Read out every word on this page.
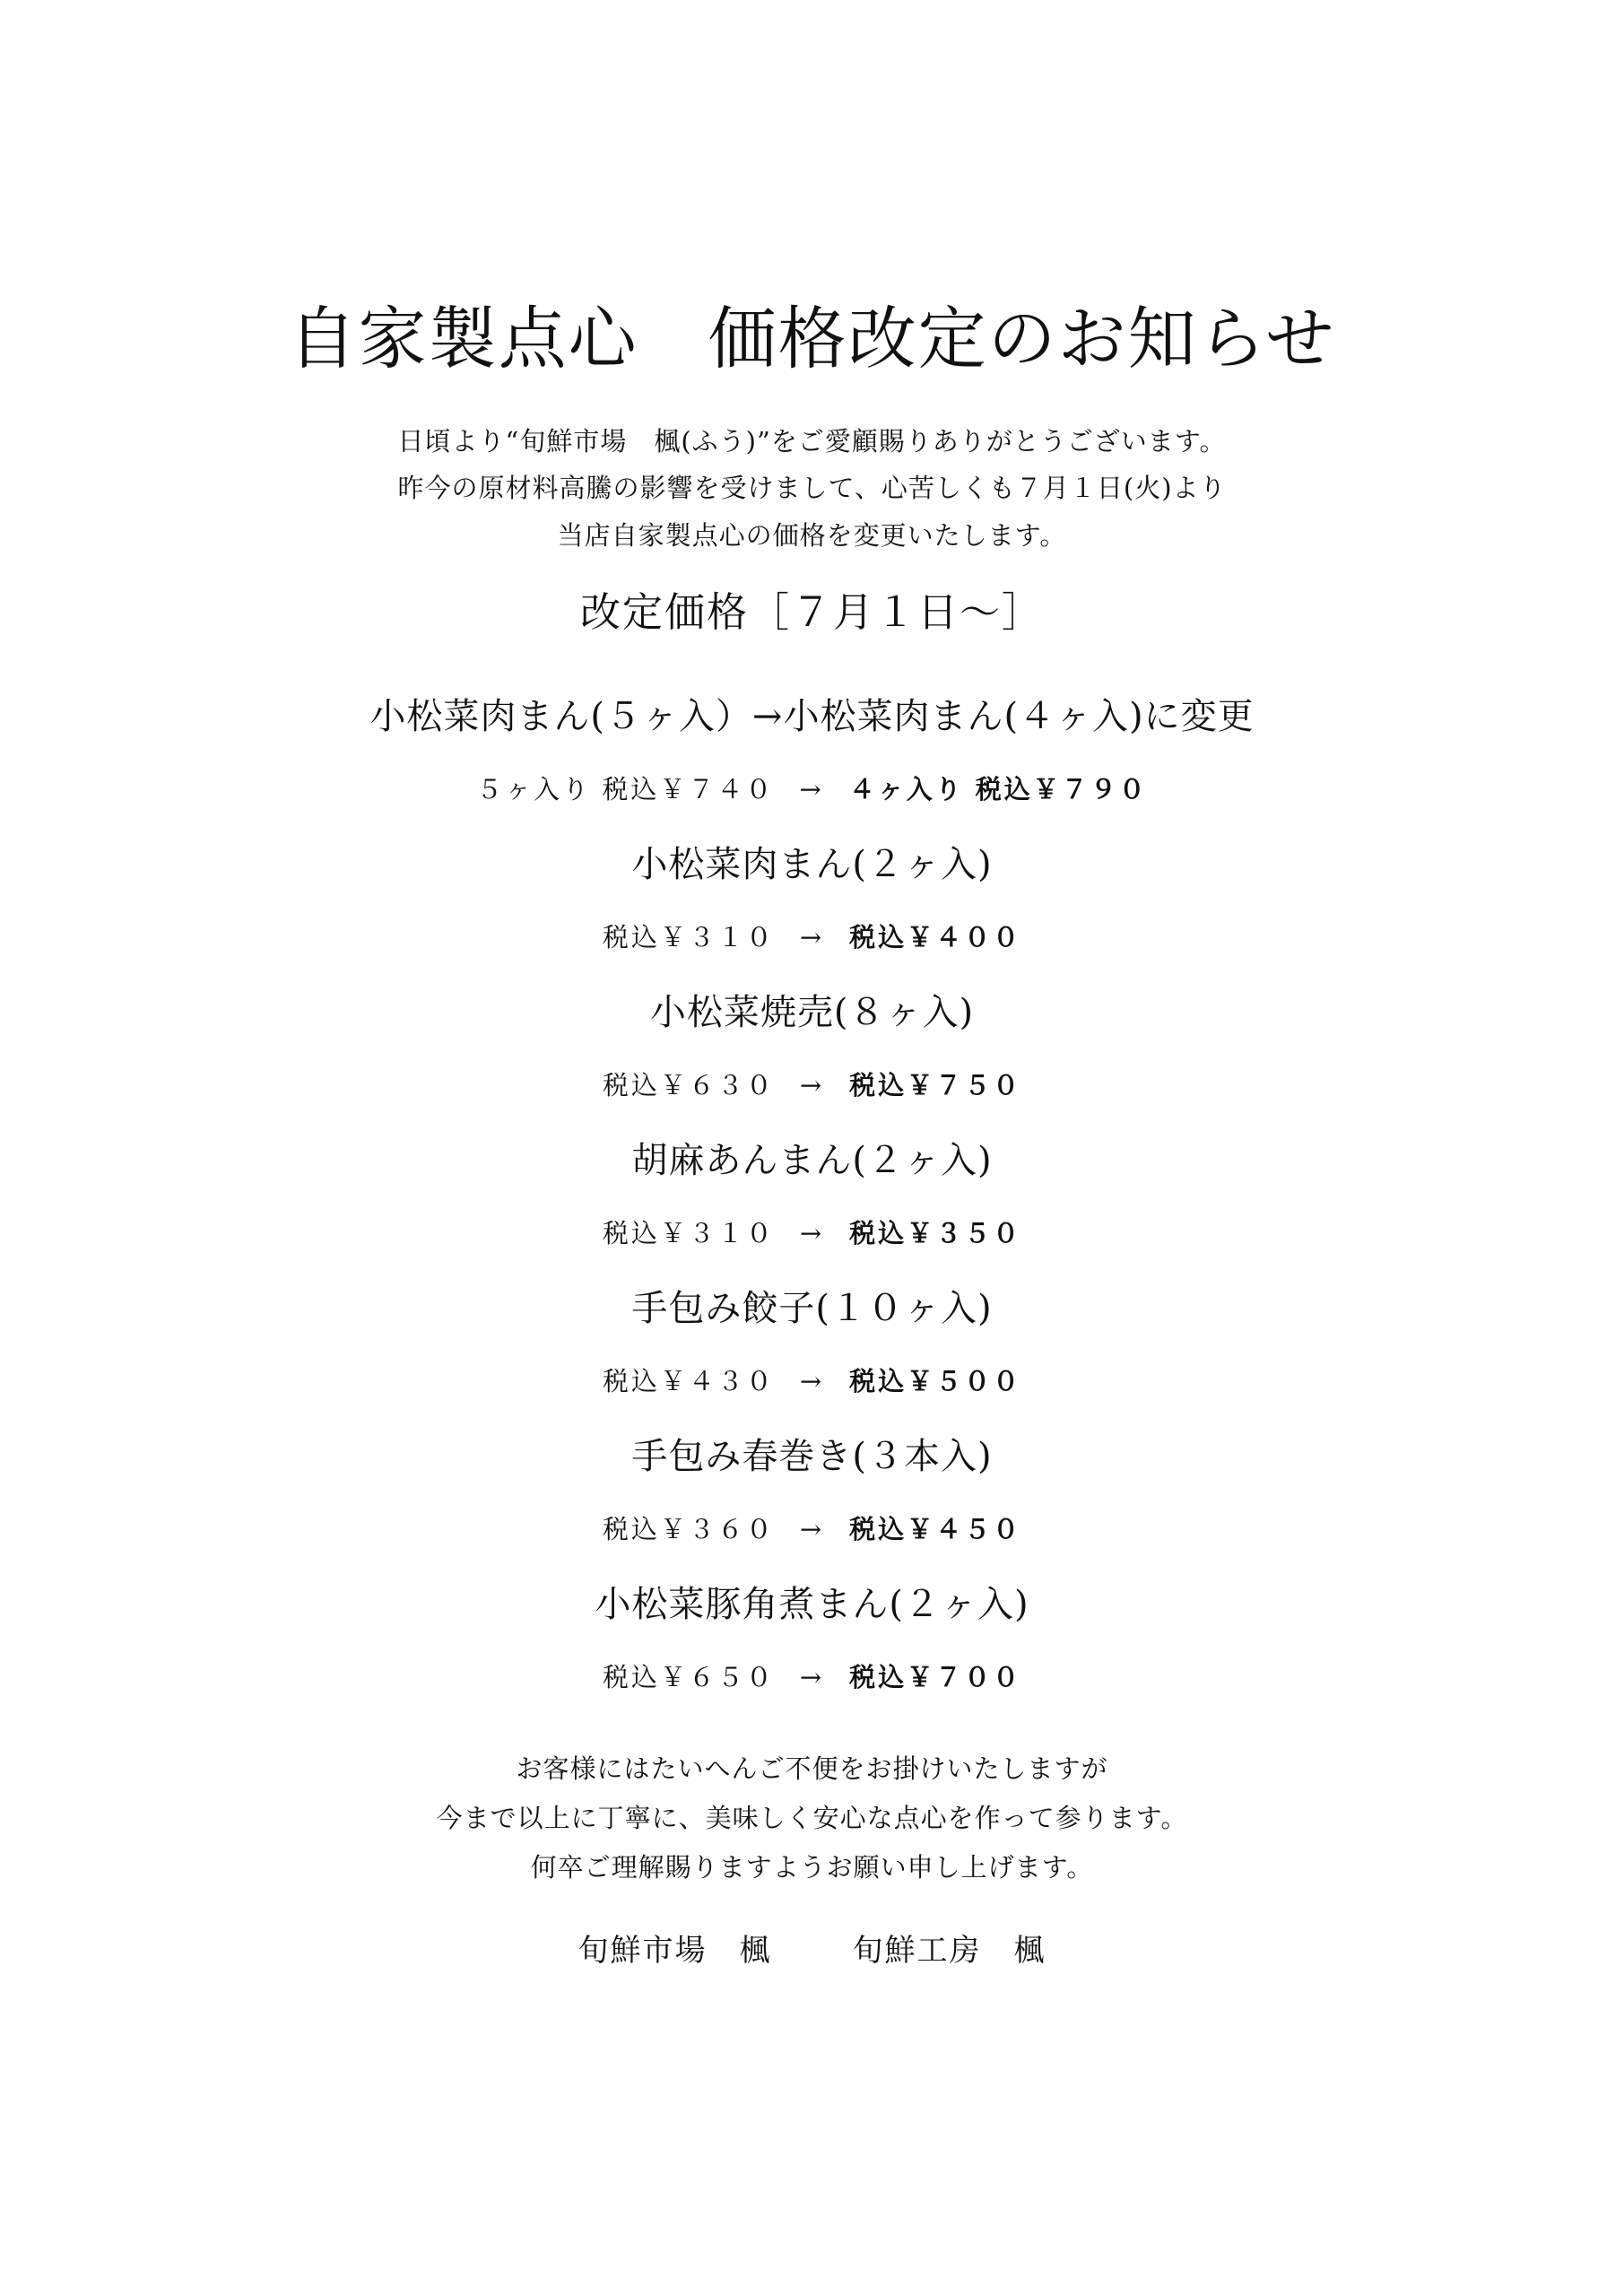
自家製点心　価格改定のお知らせ
日頃より“旬鮮市場　楓(ふう)”をご愛顧賜りありがとうございます。
昨今の原材料高騰の影響を受けまして、心苦しくも７月１日(火)より
当店自家製点心の価格を変更いたします。
改定価格［７月１日～］
小松菜肉まん(５ヶ入）→小松菜肉まん(４ヶ入)に変更
５ヶ入り 税込￥７４０ → ４ヶ入り 税込￥７９０
小松菜肉まん(２ヶ入)
税込￥３１０ → 税込￥４００
小松菜焼売(８ヶ入)
税込￥６３０ → 税込￥７５０
胡麻あんまん(２ヶ入)
税込￥３１０ → 税込￥３５０
手包み餃子(１０ヶ入)
税込￥４３０ → 税込￥５００
手包み春巻き(３本入)
税込￥３６０ → 税込￥４５０
小松菜豚角煮まん(２ヶ入)
税込￥６５０ → 税込￥７００
お客様にはたいへんご不便をお掛けいたしますが
今まで以上に丁寧に、美味しく安心な点心を作って参ります。
何卒ご理解賜りますようお願い申し上げます。
旬鮮市場　楓	旬鮮工房　楓
